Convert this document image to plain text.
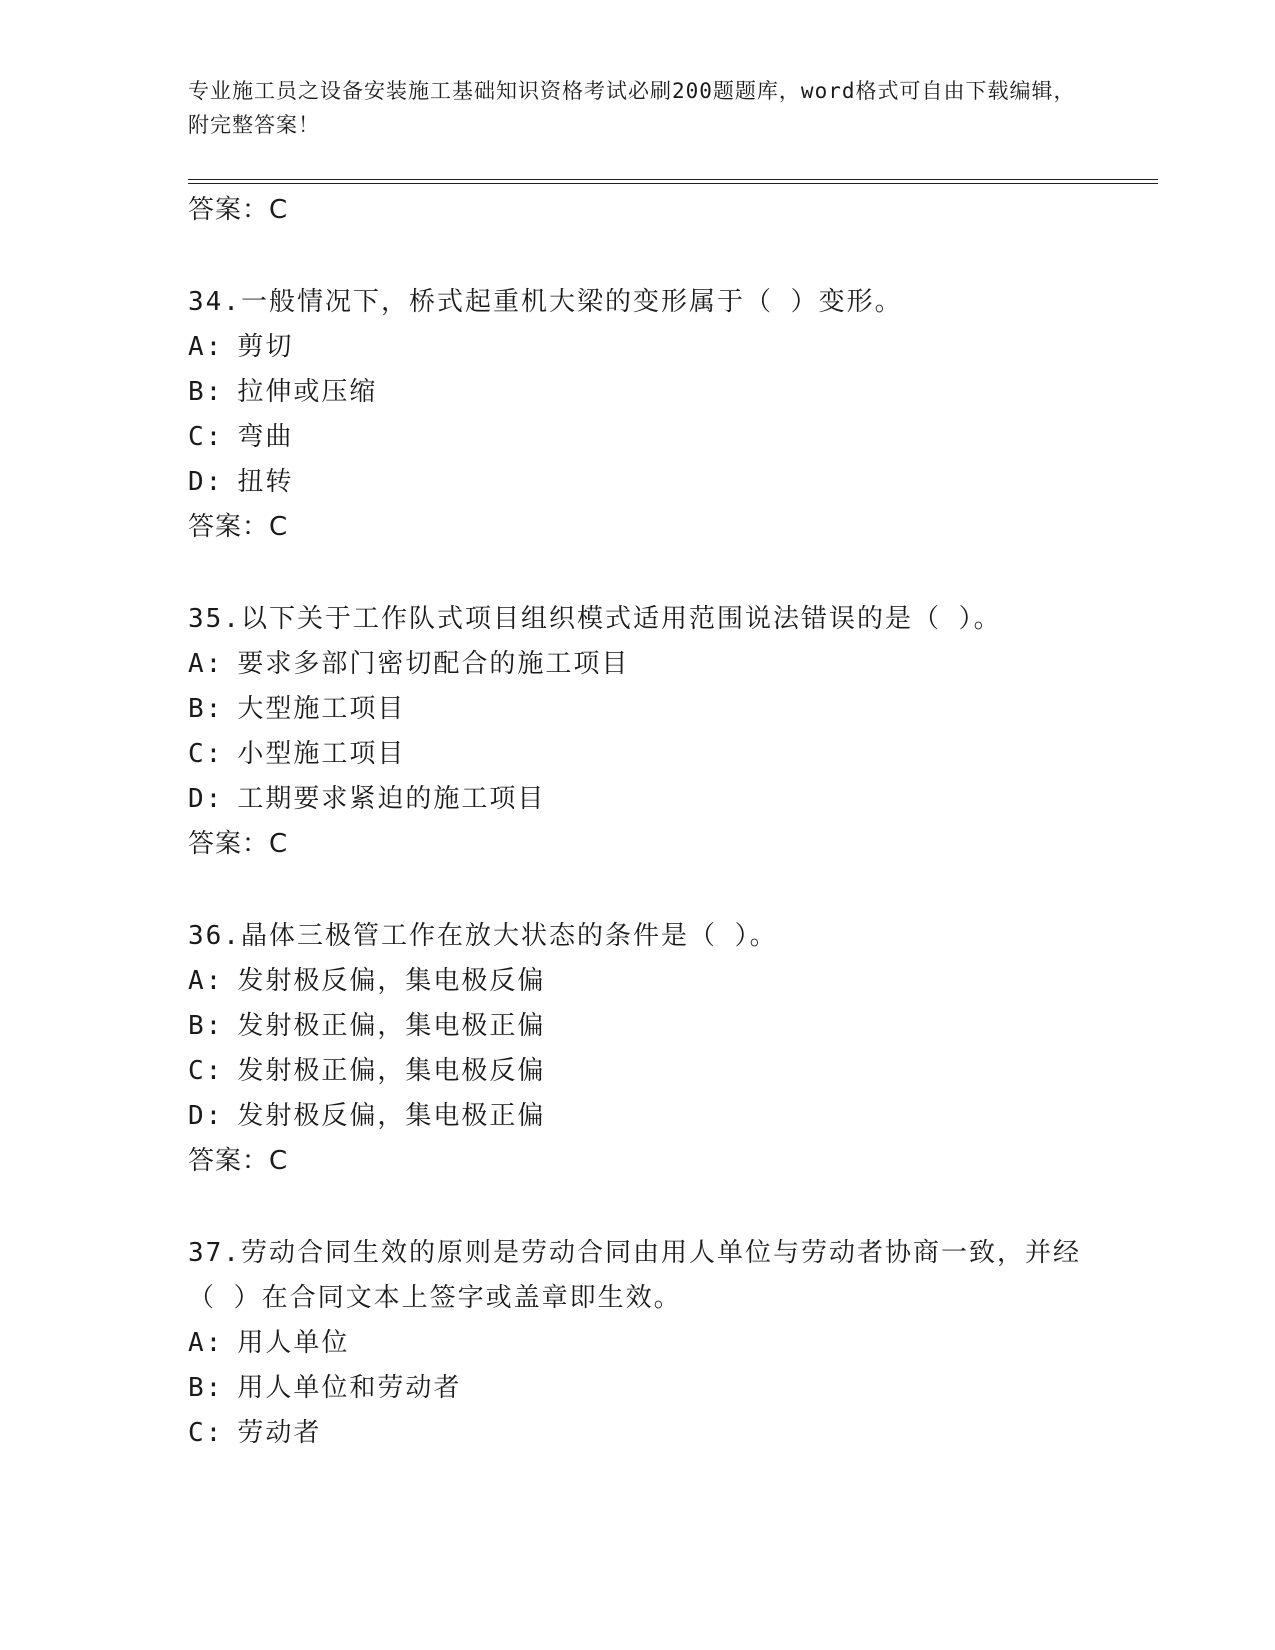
专业施工员之设备安装施工基础知识资格考试必刷200题题库，word格式可自由下载编辑，附完整答案！
答案：C
34.一般情况下，桥式起重机大梁的变形属于（ ）变形。
A: 剪切
B: 拉伸或压缩
C: 弯曲
D: 扭转
答案：C
35.以下关于工作队式项目组织模式适用范围说法错误的是（ ）。
A: 要求多部门密切配合的施工项目
B: 大型施工项目
C: 小型施工项目
D: 工期要求紧迫的施工项目
答案：C
36.晶体三极管工作在放大状态的条件是（ ）。
A: 发射极反偏，集电极反偏
B: 发射极正偏，集电极正偏
C: 发射极正偏，集电极反偏
D: 发射极反偏，集电极正偏
答案：C
37.劳动合同生效的原则是劳动合同由用人单位与劳动者协商一致，并经（ ）在合同文本上签字或盖章即生效。
A: 用人单位
B: 用人单位和劳动者
C: 劳动者
